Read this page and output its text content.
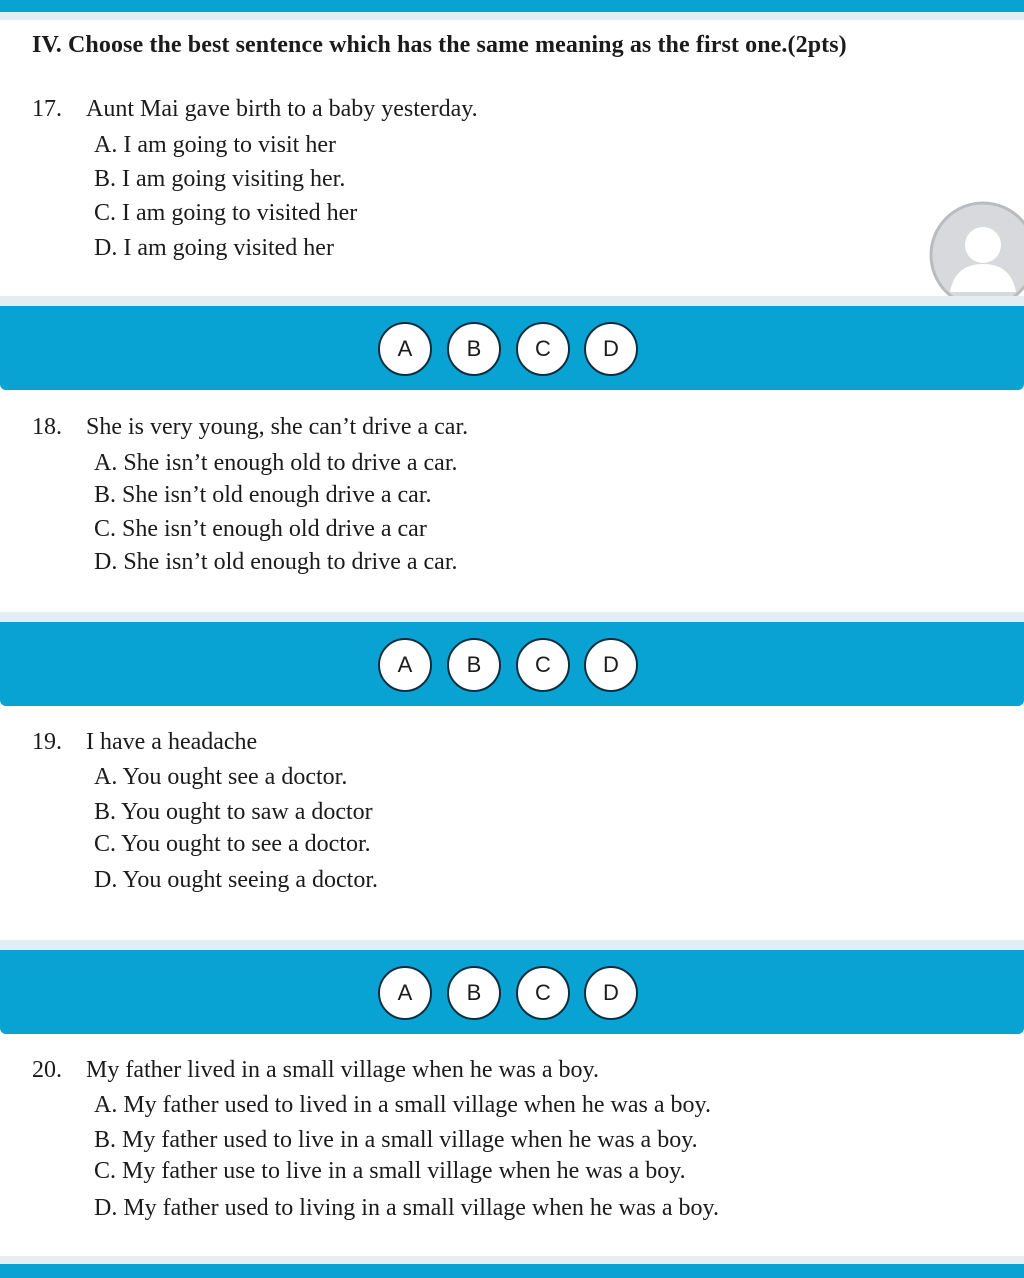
IV. Choose the best sentence which has the same meaning as the first one.(2pts)
17. Aunt Mai gave birth to a baby yesterday.
A. I am going to visit her
B. I am going visiting her.
C. I am going to visited her
D. I am going visited her
A	B	C	D
18. She is very young, she can’t drive a car.
A. She isn’t enough old to drive a car.
B. She isn’t old enough drive a car.
C. She isn’t enough old drive a car
D. She isn’t old enough to drive a car.
A	B	C	D
19. I have a headache
A. You ought see a doctor.
B. You ought to saw a doctor
C. You ought to see a doctor.
D. You ought seeing a doctor.
A	B	C	D
20. My father lived in a small village when he was a boy.
A. My father used to lived in a small village when he was a boy.
B. My father used to live in a small village when he was a boy.
C. My father use to live in a small village when he was a boy.
D. My father used to living in a small village when he was a boy.
